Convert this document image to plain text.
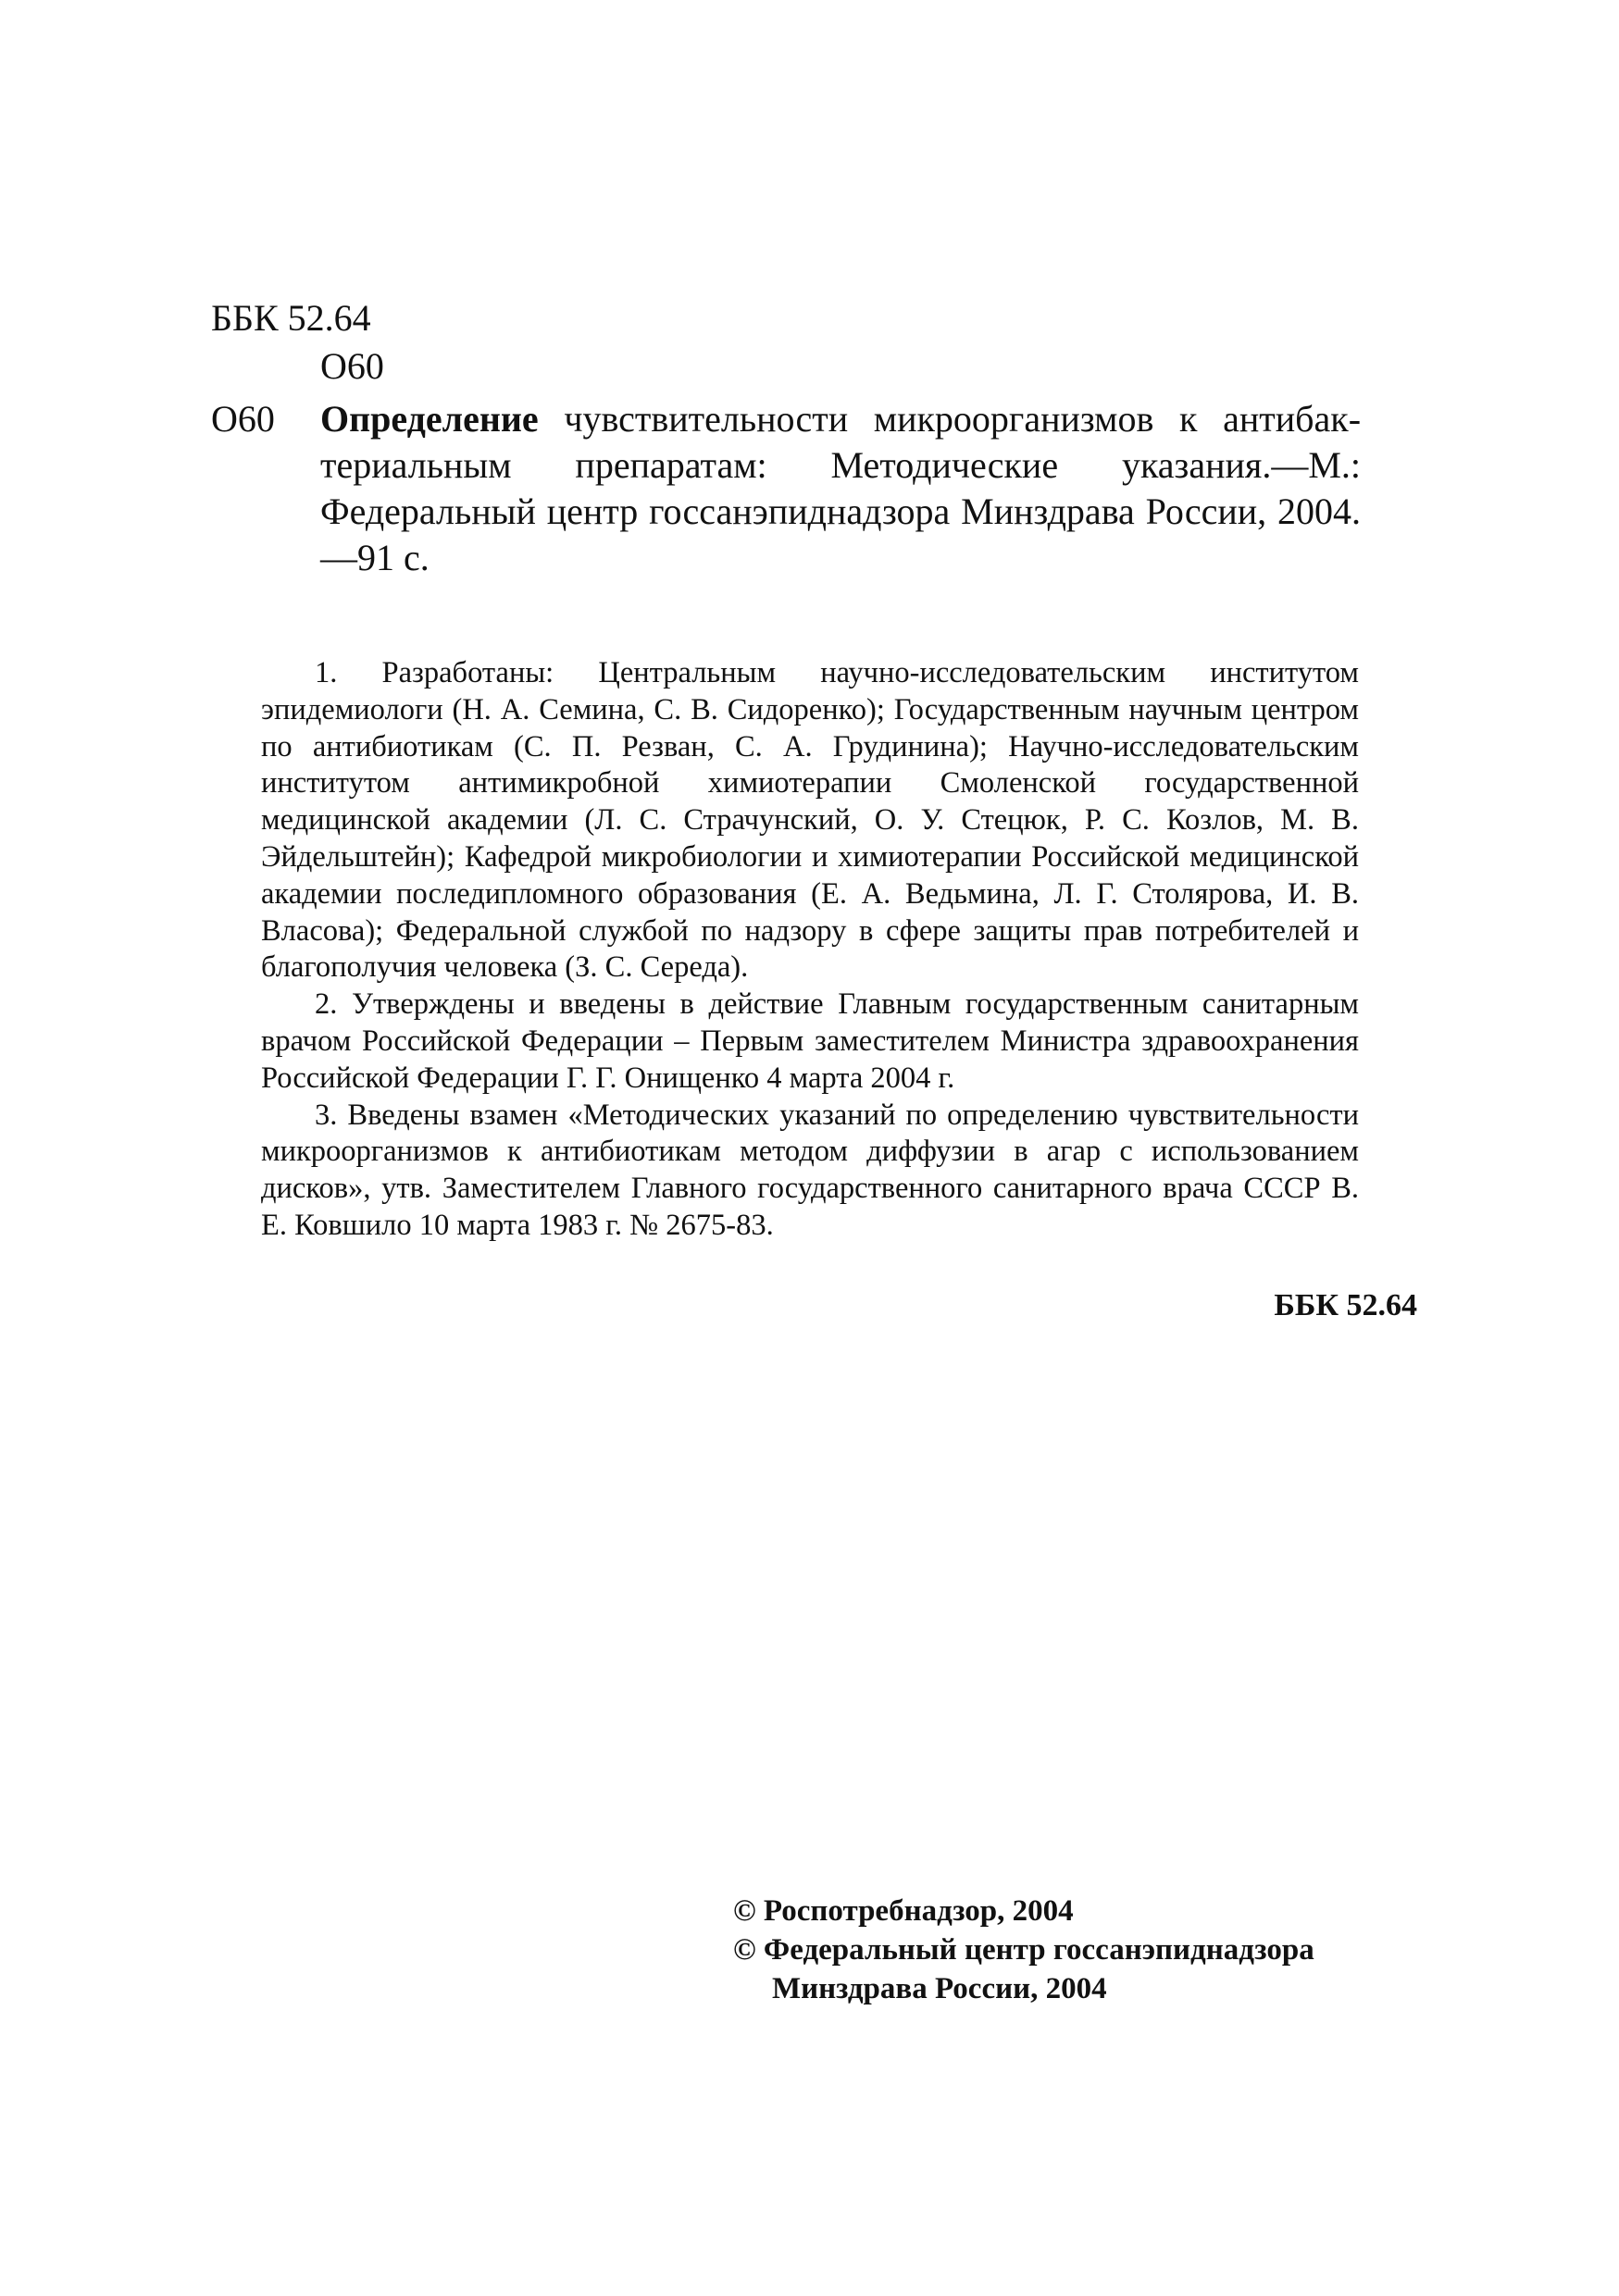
ББК 52.64
О60
О60 Определение чувствительности микроорганизмов к антибактериальным препаратам: Методические указания.—М.: Федеральный центр госсанэпиднадзора Минздрава России, 2004.—91 с.

1. Разработаны: Центральным научно-исследовательским институтом эпидемиологи (Н. А. Семина, С. В. Сидоренко); Государственным научным центром по антибиотикам (С. П. Резван, С. А. Грудинина); Научно-исследовательским институтом антимикробной химиотерапии Смоленской государственной медицинской академии (Л. С. Страчунский, О. У. Стецюк, Р. С. Козлов, М. В. Эйдельштейн); Кафедрой микробиологии и химиотерапии Российской медицинской академии последипломного образования (Е. А. Ведьмина, Л. Г. Столярова, И. В. Власова); Федеральной службой по надзору в сфере защиты прав потребителей и благополучия человека (З. С. Середа).

2. Утверждены и введены в действие Главным государственным санитарным врачом Российской Федерации – Первым заместителем Министра здравоохранения Российской Федерации Г. Г. Онищенко 4 марта 2004 г.

3. Введены взамен «Методических указаний по определению чувствительности микроорганизмов к антибиотикам методом диффузии в агар с использованием дисков», утв. Заместителем Главного государственного санитарного врача СССР В. Е. Ковшило 10 марта 1983 г. № 2675-83.

ББК 52.64
© Роспотребнадзор, 2004
© Федеральный центр госсанэпиднадзора
Минздрава России, 2004
